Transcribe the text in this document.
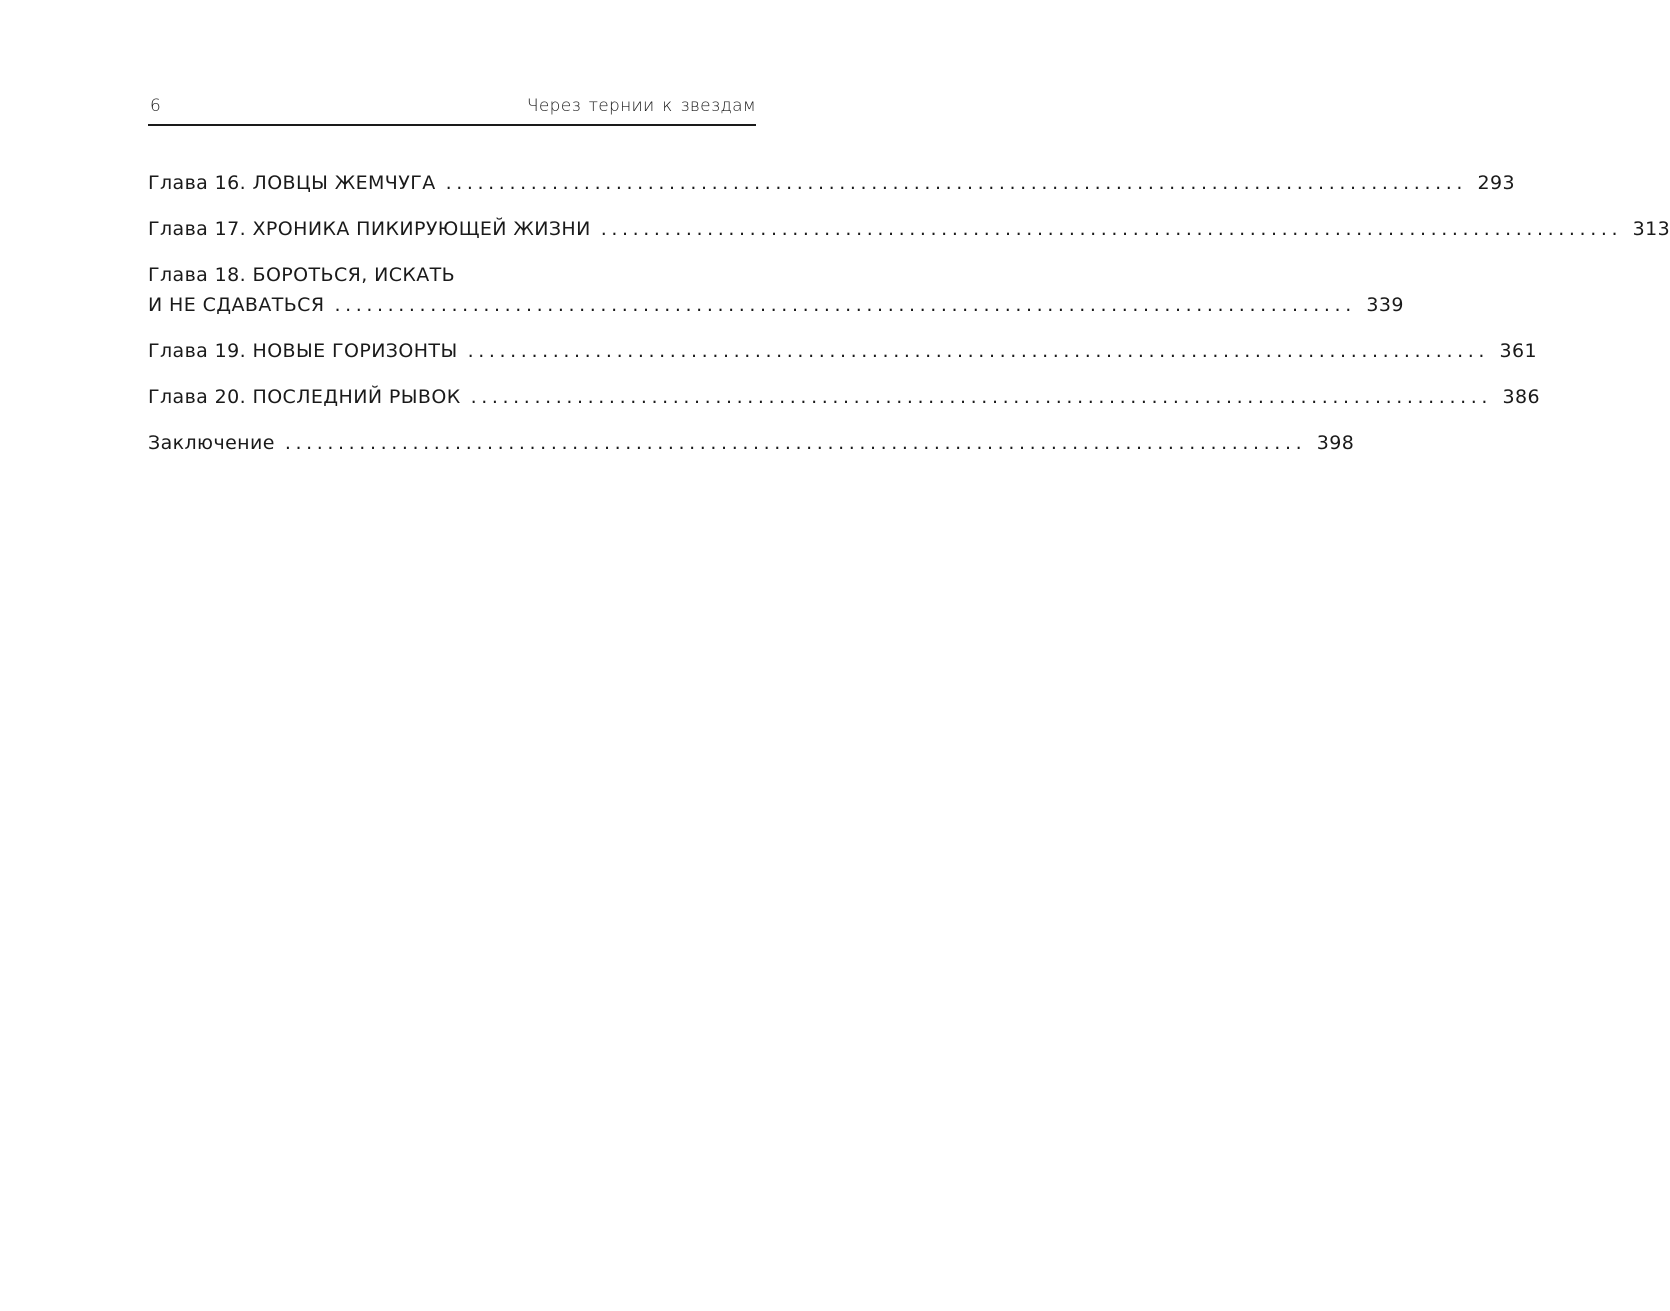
6	Через тернии к звездам
Глава 16. ЛОВЦЫ ЖЕМЧУГА ................................................................................................ 293
Глава 17. ХРОНИКА ПИКИРУЮЩЕЙ ЖИЗНИ ................................................................................................ 313
Глава 18. БОРОТЬСЯ, ИСКАТЬ
И НЕ СДАВАТЬСЯ ................................................................................................ 339
Глава 19. НОВЫЕ ГОРИЗОНТЫ ................................................................................................ 361
Глава 20. ПОСЛЕДНИЙ РЫВОК ................................................................................................ 386
Заключение ................................................................................................ 398
